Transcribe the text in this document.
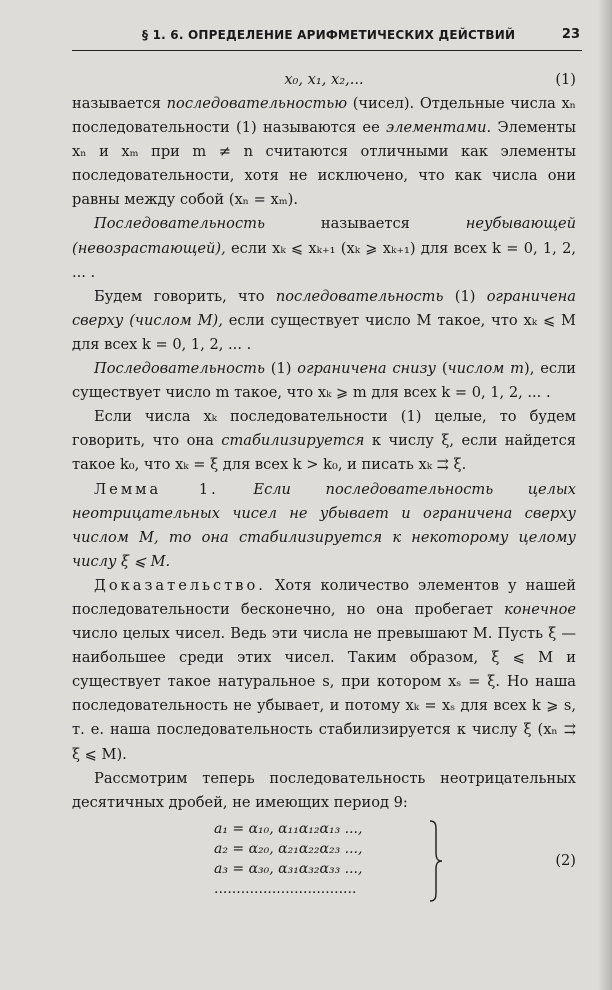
§ 1. 6. ОПРЕДЕЛЕНИЕ АРИФМЕТИЧЕСКИХ ДЕЙСТВИЙ	23
x₀, x₁, x₂,...	(1)

называется последовательностью (чисел). Отдельные числа xₙ последовательности (1) называются ее элементами. Элементы xₙ и xₘ при m ≠ n считаются отличными как элементы последовательности, хотя не исключено, что как числа они равны между собой (xₙ = xₘ).

Последовательность называется неубывающей (невозрастающей), если xₖ ⩽ xₖ₊₁ (xₖ ⩾ xₖ₊₁) для всех k = 0, 1, 2, ... .

Будем говорить, что последовательность (1) ограничена сверху (числом M), если существует число M такое, что xₖ ⩽ M для всех k = 0, 1, 2, ... .

Последовательность (1) ограничена снизу (числом m), если существует число m такое, что xₖ ⩾ m для всех k = 0, 1, 2, ... .

Если числа xₖ последовательности (1) целые, то будем говорить, что она стабилизируется к числу ξ, если найдется такое k₀, что xₖ = ξ для всех k > k₀, и писать xₖ ⇉ ξ.

Лемма 1. Если последовательность целых неотрицательных чисел не убывает и ограничена сверху числом M, то она стабилизируется к некоторому целому числу ξ ⩽ M.

Доказательство. Хотя количество элементов у нашей последовательности бесконечно, но она пробегает конечное число целых чисел. Ведь эти числа не превышают M. Пусть ξ — наибольшее среди этих чисел. Таким образом, ξ ⩽ M и существует такое натуральное s, при котором xₛ = ξ. Но наша последовательность не убывает, и потому xₖ = xₛ для всех k ⩾ s, т. е. наша последовательность стабилизируется к числу ξ (xₙ ⇉ ξ ⩽ M).

Рассмотрим теперь последовательность неотрицательных десятичных дробей, не имеющих период 9:

a₁ = α₁₀, α₁₁α₁₂α₁₃ ...,
a₂ = α₂₀, α₂₁α₂₂α₂₃ ...,
a₃ = α₃₀, α₃₁α₃₂α₃₃ ...,
................................
(2)
